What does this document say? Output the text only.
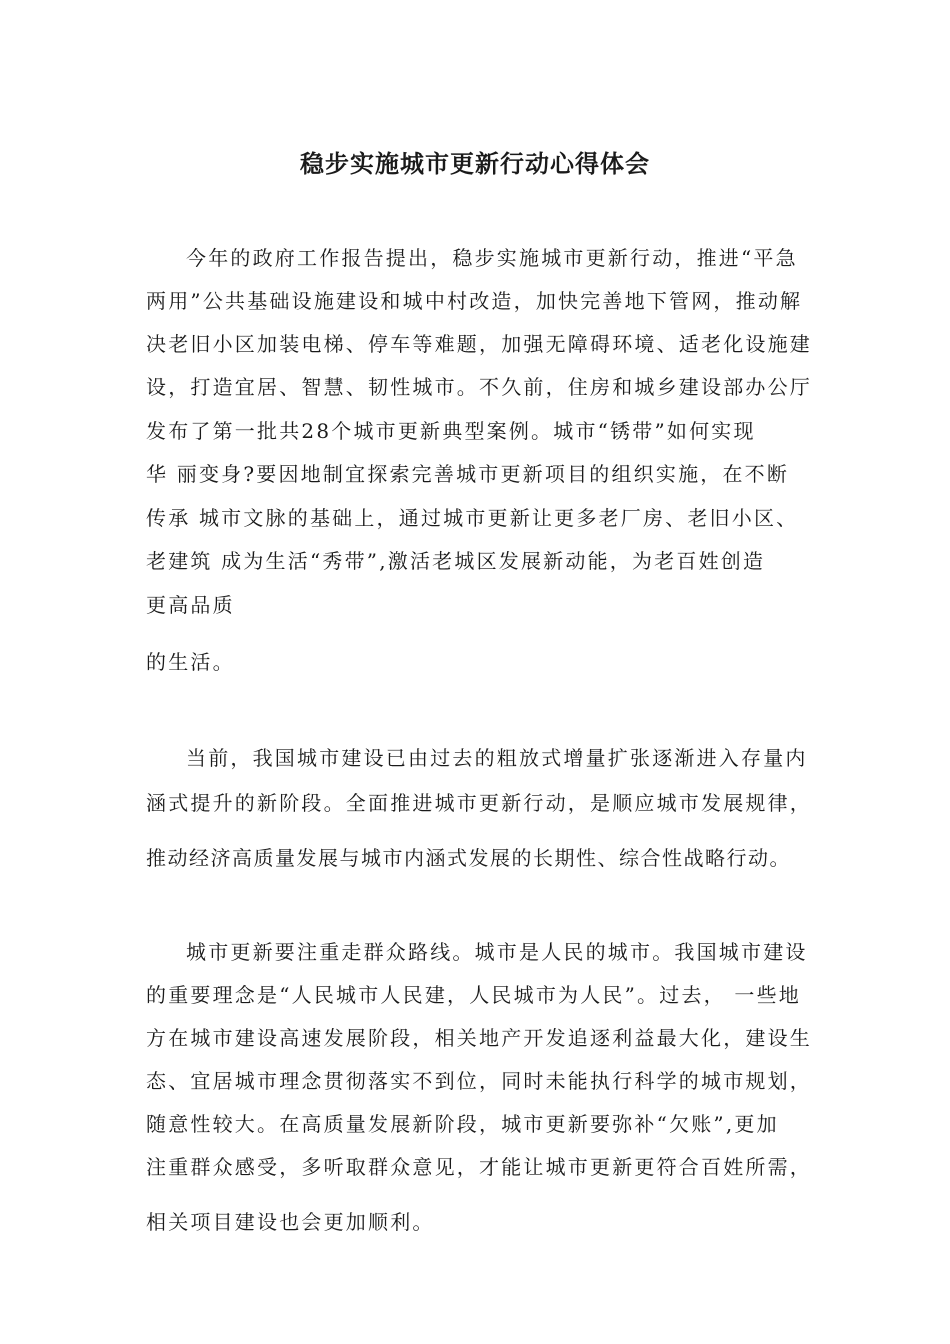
稳步实施城市更新行动心得体会
今年的政府工作报告提出，稳步实施城市更新行动，推进“平急
两用”公共基础设施建设和城中村改造，加快完善地下管网，推动解
决老旧小区加装电梯、停车等难题，加强无障碍环境、适老化设施建
设，打造宜居、智慧、韧性城市。不久前，住房和城乡建设部办公厅
发布了第一批共28个城市更新典型案例。城市“锈带”如何实现
华 丽变身?要因地制宜探索完善城市更新项目的组织实施，在不断
传承 城市文脉的基础上，通过城市更新让更多老厂房、老旧小区、
老建筑 成为生活“秀带”,激活老城区发展新动能，为老百姓创造
更高品质
的生活。
当前，我国城市建设已由过去的粗放式增量扩张逐渐进入存量内
涵式提升的新阶段。全面推进城市更新行动，是顺应城市发展规律，
推动经济高质量发展与城市内涵式发展的长期性、综合性战略行动。
城市更新要注重走群众路线。城市是人民的城市。我国城市建设
的重要理念是“人民城市人民建，人民城市为人民”。过去， 一些地
方在城市建设高速发展阶段，相关地产开发追逐利益最大化，建设生
态、宜居城市理念贯彻落实不到位，同时未能执行科学的城市规划，
随意性较大。在高质量发展新阶段，城市更新要弥补“欠账”,更加
注重群众感受，多听取群众意见，才能让城市更新更符合百姓所需，
相关项目建设也会更加顺利。
